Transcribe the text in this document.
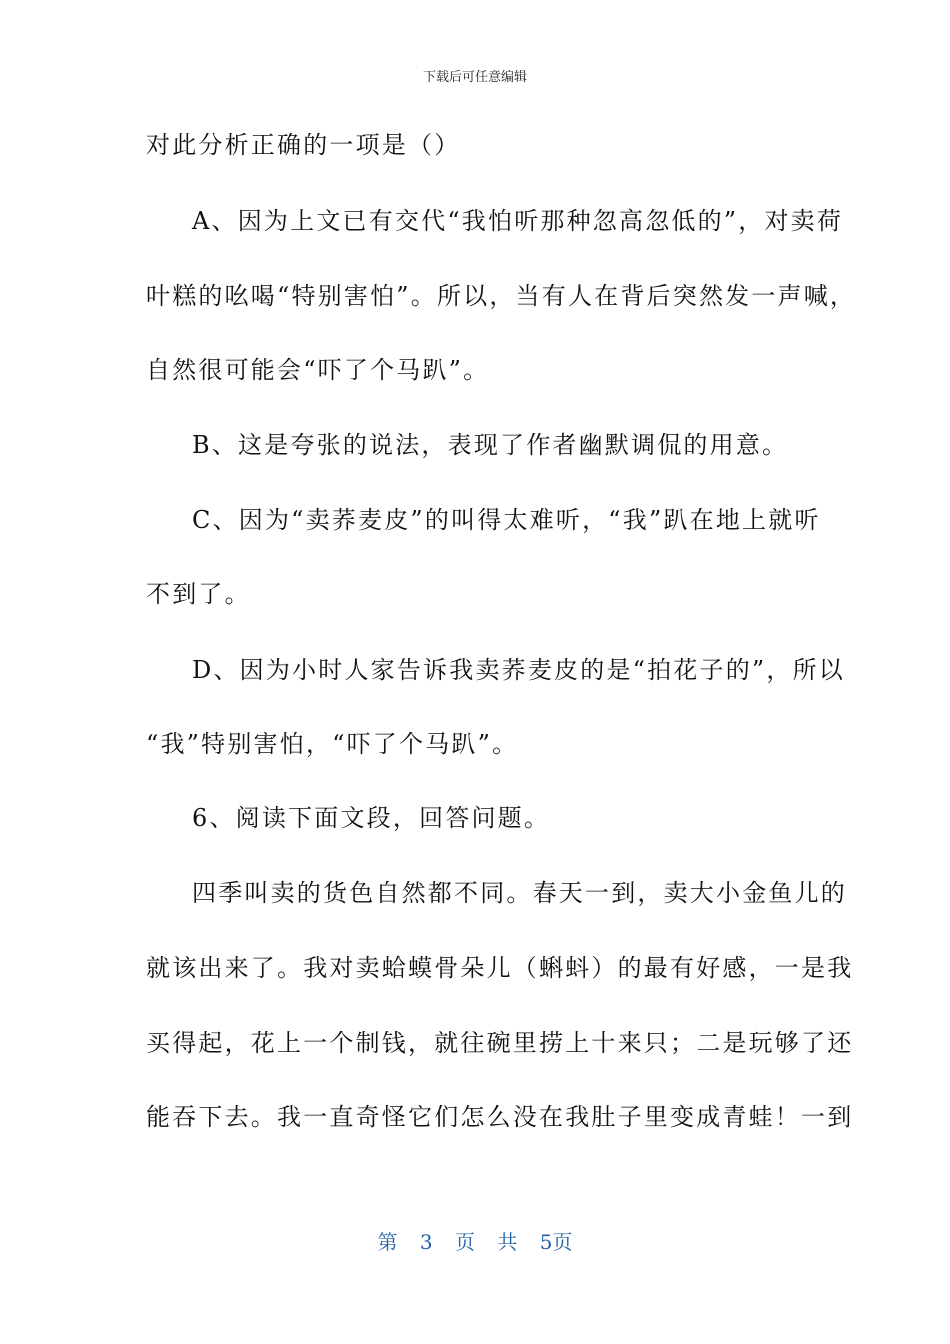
下载后可任意编辑
对此分析正确的一项是（）
A、因为上文已有交代“我怕听那种忽高忽低的”，对卖荷
叶糕的吆喝“特别害怕”。所以，当有人在背后突然发一声喊，
自然很可能会“吓了个马趴”。
B、这是夸张的说法，表现了作者幽默调侃的用意。
C、因为“卖荞麦皮”的叫得太难听，“我”趴在地上就听
不到了。
D、因为小时人家告诉我卖荞麦皮的是“拍花子的”，所以
“我”特别害怕，“吓了个马趴”。
6、阅读下面文段，回答问题。
四季叫卖的货色自然都不同。春天一到，卖大小金鱼儿的
就该出来了。我对卖蛤蟆骨朵儿（蝌蚪）的最有好感，一是我
买得起，花上一个制钱，就往碗里捞上十来只；二是玩够了还
能吞下去。我一直奇怪它们怎么没在我肚子里变成青蛙！一到
第 3 页 共 5页
